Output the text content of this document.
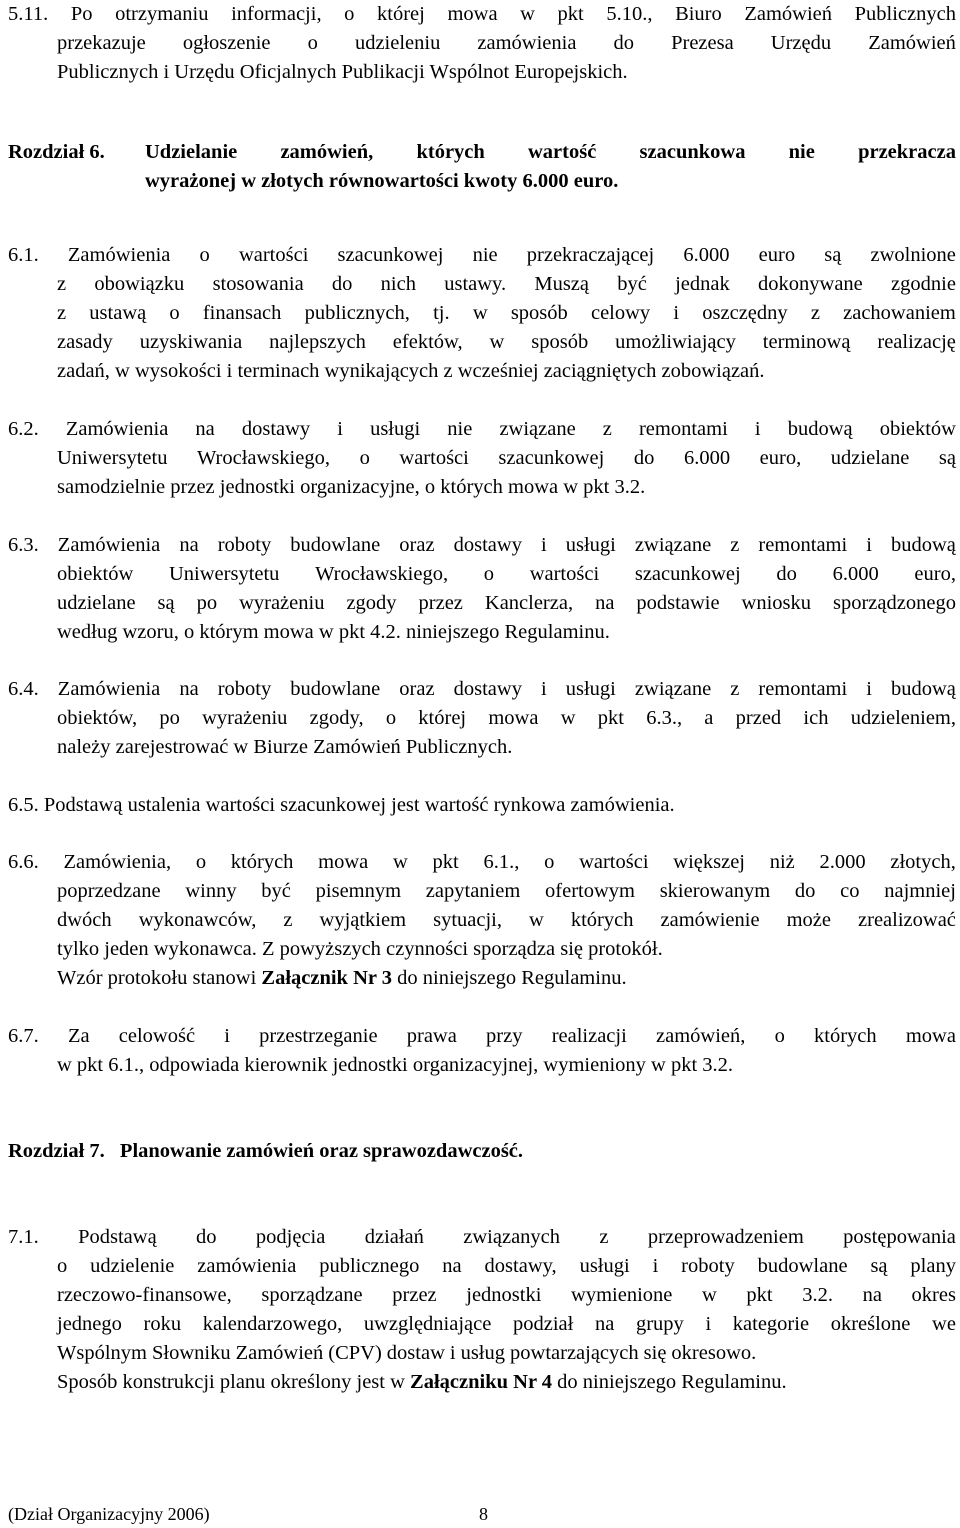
5.11. Po otrzymaniu informacji, o której mowa w pkt 5.10., Biuro Zamówień Publicznych
przekazuje ogłoszenie o udzieleniu zamówienia do Prezesa Urzędu Zamówień
Publicznych i Urzędu Oficjalnych Publikacji Wspólnot Europejskich.
6.1. Zamówienia o wartości szacunkowej nie przekraczającej 6.000 euro są zwolnione
z obowiązku stosowania do nich ustawy. Muszą być jednak dokonywane zgodnie
z ustawą o finansach publicznych, tj. w sposób celowy i oszczędny z zachowaniem
zasady uzyskiwania najlepszych efektów, w sposób umożliwiający terminową realizację
zadań, w wysokości i terminach wynikających z wcześniej zaciągniętych zobowiązań.
6.2. Zamówienia na dostawy i usługi nie związane z remontami i budową obiektów
Uniwersytetu Wrocławskiego, o wartości szacunkowej do 6.000 euro, udzielane są
samodzielnie przez jednostki organizacyjne, o których mowa w pkt 3.2.
6.3. Zamówienia na roboty budowlane oraz dostawy i usługi związane z remontami i budową
obiektów Uniwersytetu Wrocławskiego, o wartości szacunkowej do 6.000 euro,
udzielane są po wyrażeniu zgody przez Kanclerza, na podstawie wniosku sporządzonego
według wzoru, o którym mowa w pkt 4.2. niniejszego Regulaminu.
6.4. Zamówienia na roboty budowlane oraz dostawy i usługi związane z remontami i budową
obiektów, po wyrażeniu zgody, o której mowa w pkt 6.3., a przed ich udzieleniem,
należy zarejestrować w Biurze Zamówień Publicznych.
6.5. Podstawą ustalenia wartości szacunkowej jest wartość rynkowa zamówienia.
6.6. Zamówienia, o których mowa w pkt 6.1., o wartości większej niż 2.000 złotych,
poprzedzane winny być pisemnym zapytaniem ofertowym skierowanym do co najmniej
dwóch wykonawców, z wyjątkiem sytuacji, w których zamówienie może zrealizować
tylko jeden wykonawca. Z powyższych czynności sporządza się protokół.
6.7. Za celowość i przestrzeganie prawa przy realizacji zamówień, o których mowa
w pkt 6.1., odpowiada kierownik jednostki organizacyjnej, wymieniony w pkt 3.2.
7.1. Podstawą do podjęcia działań związanych z przeprowadzeniem postępowania
o udzielenie zamówienia publicznego na dostawy, usługi i roboty budowlane są plany
rzeczowo-finansowe, sporządzane przez jednostki wymienione w pkt 3.2. na okres
jednego roku kalendarzowego, uwzględniające podział na grupy i kategorie określone we
Wspólnym Słowniku Zamówień (CPV) dostaw i usług powtarzających się okresowo.
Rozdział 6. Udzielanie zamówień, których wartość szacunkowa nie przekracza
wyrażonej w złotych równowartości kwoty 6.000 euro.
Wzór protokołu stanowi Załącznik Nr 3 do niniejszego Regulaminu.
Rozdział 7. Planowanie zamówień oraz sprawozdawczość.
Sposób konstrukcji planu określony jest w Załączniku Nr 4 do niniejszego Regulaminu.
(Dział Organizacyjny 2006)	8
